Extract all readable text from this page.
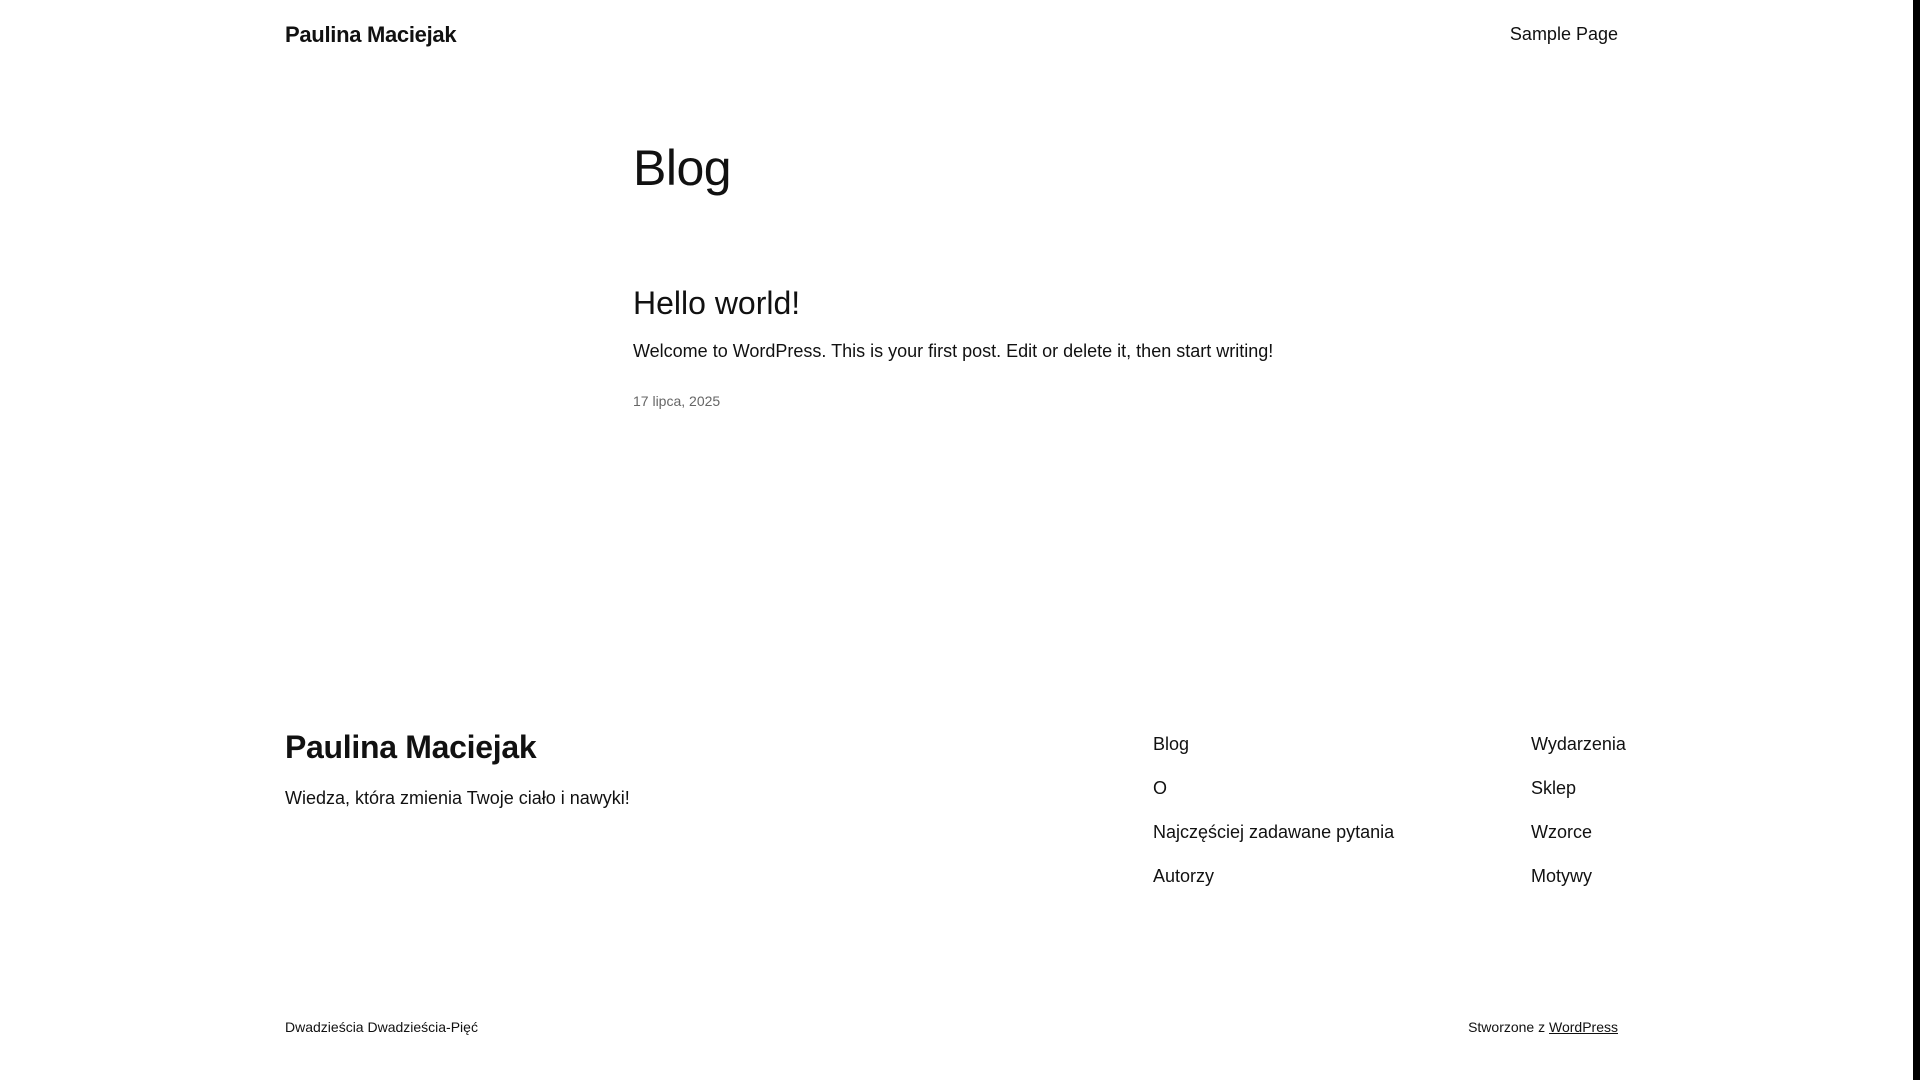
Paulina Maciejak	Sample Page
Blog
Hello world!

Welcome to WordPress. This is your first post. Edit or delete it, then start writing!

17 lipca, 2025
Paulina Maciejak

Wiedza, która zmienia Twoje ciało i nawyki!

Blog
O
Najczęściej zadawane pytania
Autorzy
Wydarzenia
Sklep
Wzorce
Motywy

Dwadzieścia Dwadzieścia-Pięć	Stworzone z WordPress
